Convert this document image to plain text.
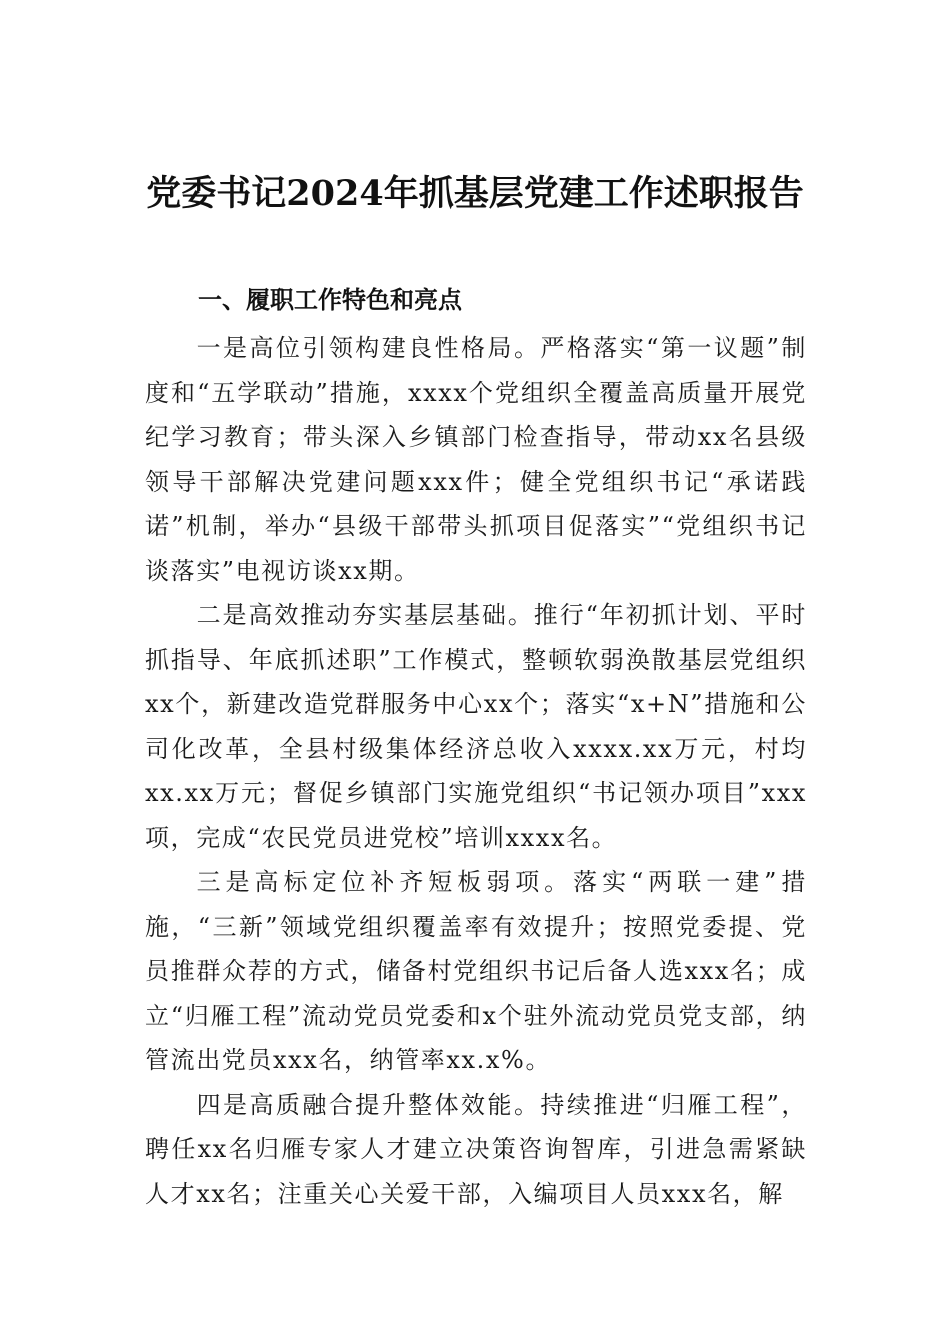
党委书记2024年抓基层党建工作述职报告
一、履职工作特色和亮点

一是高位引领构建良性格局。严格落实“第一议题”制度和“五学联动”措施，xxxx个党组织全覆盖高质量开展党纪学习教育；带头深入乡镇部门检查指导，带动xx名县级领导干部解决党建问题xxx件；健全党组织书记“承诺践诺”机制，举办“县级干部带头抓项目促落实”“党组织书记谈落实”电视访谈xx期。

二是高效推动夯实基层基础。推行“年初抓计划、平时抓指导、年底抓述职”工作模式，整顿软弱涣散基层党组织xx个，新建改造党群服务中心xx个；落实“x+N”措施和公司化改革，全县村级集体经济总收入xxxx.xx万元，村均xx.xx万元；督促乡镇部门实施党组织“书记领办项目”xxx项，完成“农民党员进党校”培训xxxx名。

三是高标定位补齐短板弱项。落实“两联一建”措施，“三新”领域党组织覆盖率有效提升；按照党委提、党员推群众荐的方式，储备村党组织书记后备人选xxx名；成立“归雁工程”流动党员党委和x个驻外流动党员党支部，纳管流出党员xxx名，纳管率xx.x%。

四是高质融合提升整体效能。持续推进“归雁工程”，聘任xx名归雁专家人才建立决策咨询智库，引进急需紧缺人才xx名；注重关心关爱干部，入编项目人员xxx名，解
